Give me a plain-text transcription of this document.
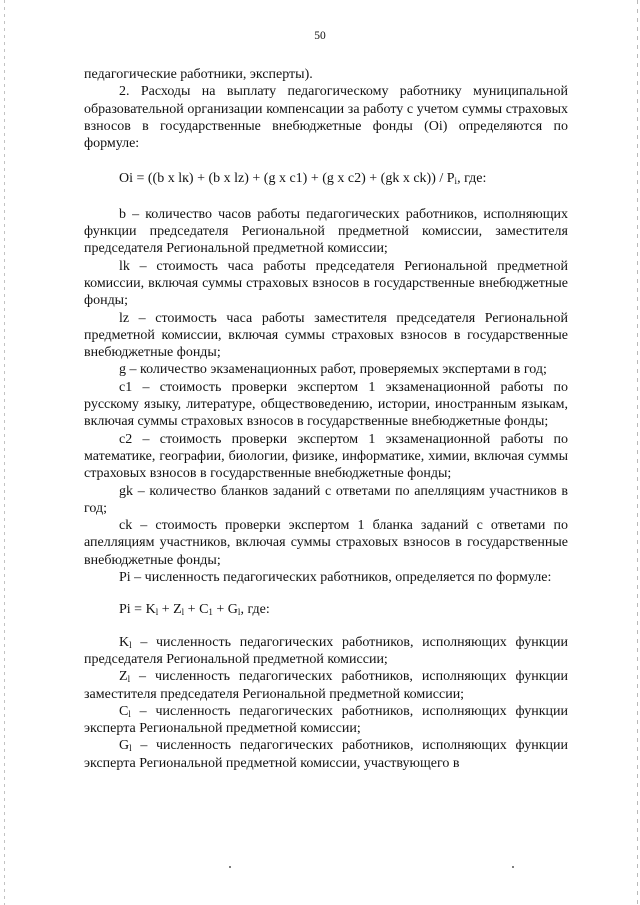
50

педагогические работники, эксперты).

2. Расходы на выплату педагогическому работнику муниципальной образовательной организации компенсации за работу с учетом суммы страховых взносов в государственные внебюджетные фонды (Oi) определяются по формуле:

Oi = ((b x lк) + (b x lz) + (g x c1) + (g x c2) + (gk x $ck)) / P_i$, где:

b – количество часов работы педагогических работников, исполняющих функции председателя Региональной предметной комиссии, заместителя председателя Региональной предметной комиссии;

lk – стоимость часа работы председателя Региональной предметной комиссии, включая суммы страховых взносов в государственные внебюджетные фонды;

lz – стоимость часа работы заместителя председателя Региональной предметной комиссии, включая суммы страховых взносов в государственные внебюджетные фонды;

g – количество экзаменационных работ, проверяемых экспертами в год;

c1 – стоимость проверки экспертом 1 экзаменационной работы по русскому языку, литературе, обществоведению, истории, иностранным языкам, включая суммы страховых взносов в государственные внебюджетные фонды;

c2 – стоимость проверки экспертом 1 экзаменационной работы по математике, географии, биологии, физике, информатике, химии, включая суммы страховых взносов в государственные внебюджетные фонды;

gk – количество бланков заданий с ответами по апелляциям участников в год;

ck – стоимость проверки экспертом 1 бланка заданий с ответами по апелляциям участников, включая суммы страховых взносов в государственные внебюджетные фонды;

Pi – численность педагогических работников, определяется по формуле:

$Pi = K_l + Z_l + C_1 + G_l$, где:

$K_l$ – численность педагогических работников, исполняющих функции председателя Региональной предметной комиссии;

$Z_l$ – численность педагогических работников, исполняющих функции заместителя председателя Региональной предметной комиссии;

$C_l$ – численность педагогических работников, исполняющих функции эксперта Региональной предметной комиссии;

$G_l$ – численность педагогических работников, исполняющих функции эксперта Региональной предметной комиссии, участвующего в
